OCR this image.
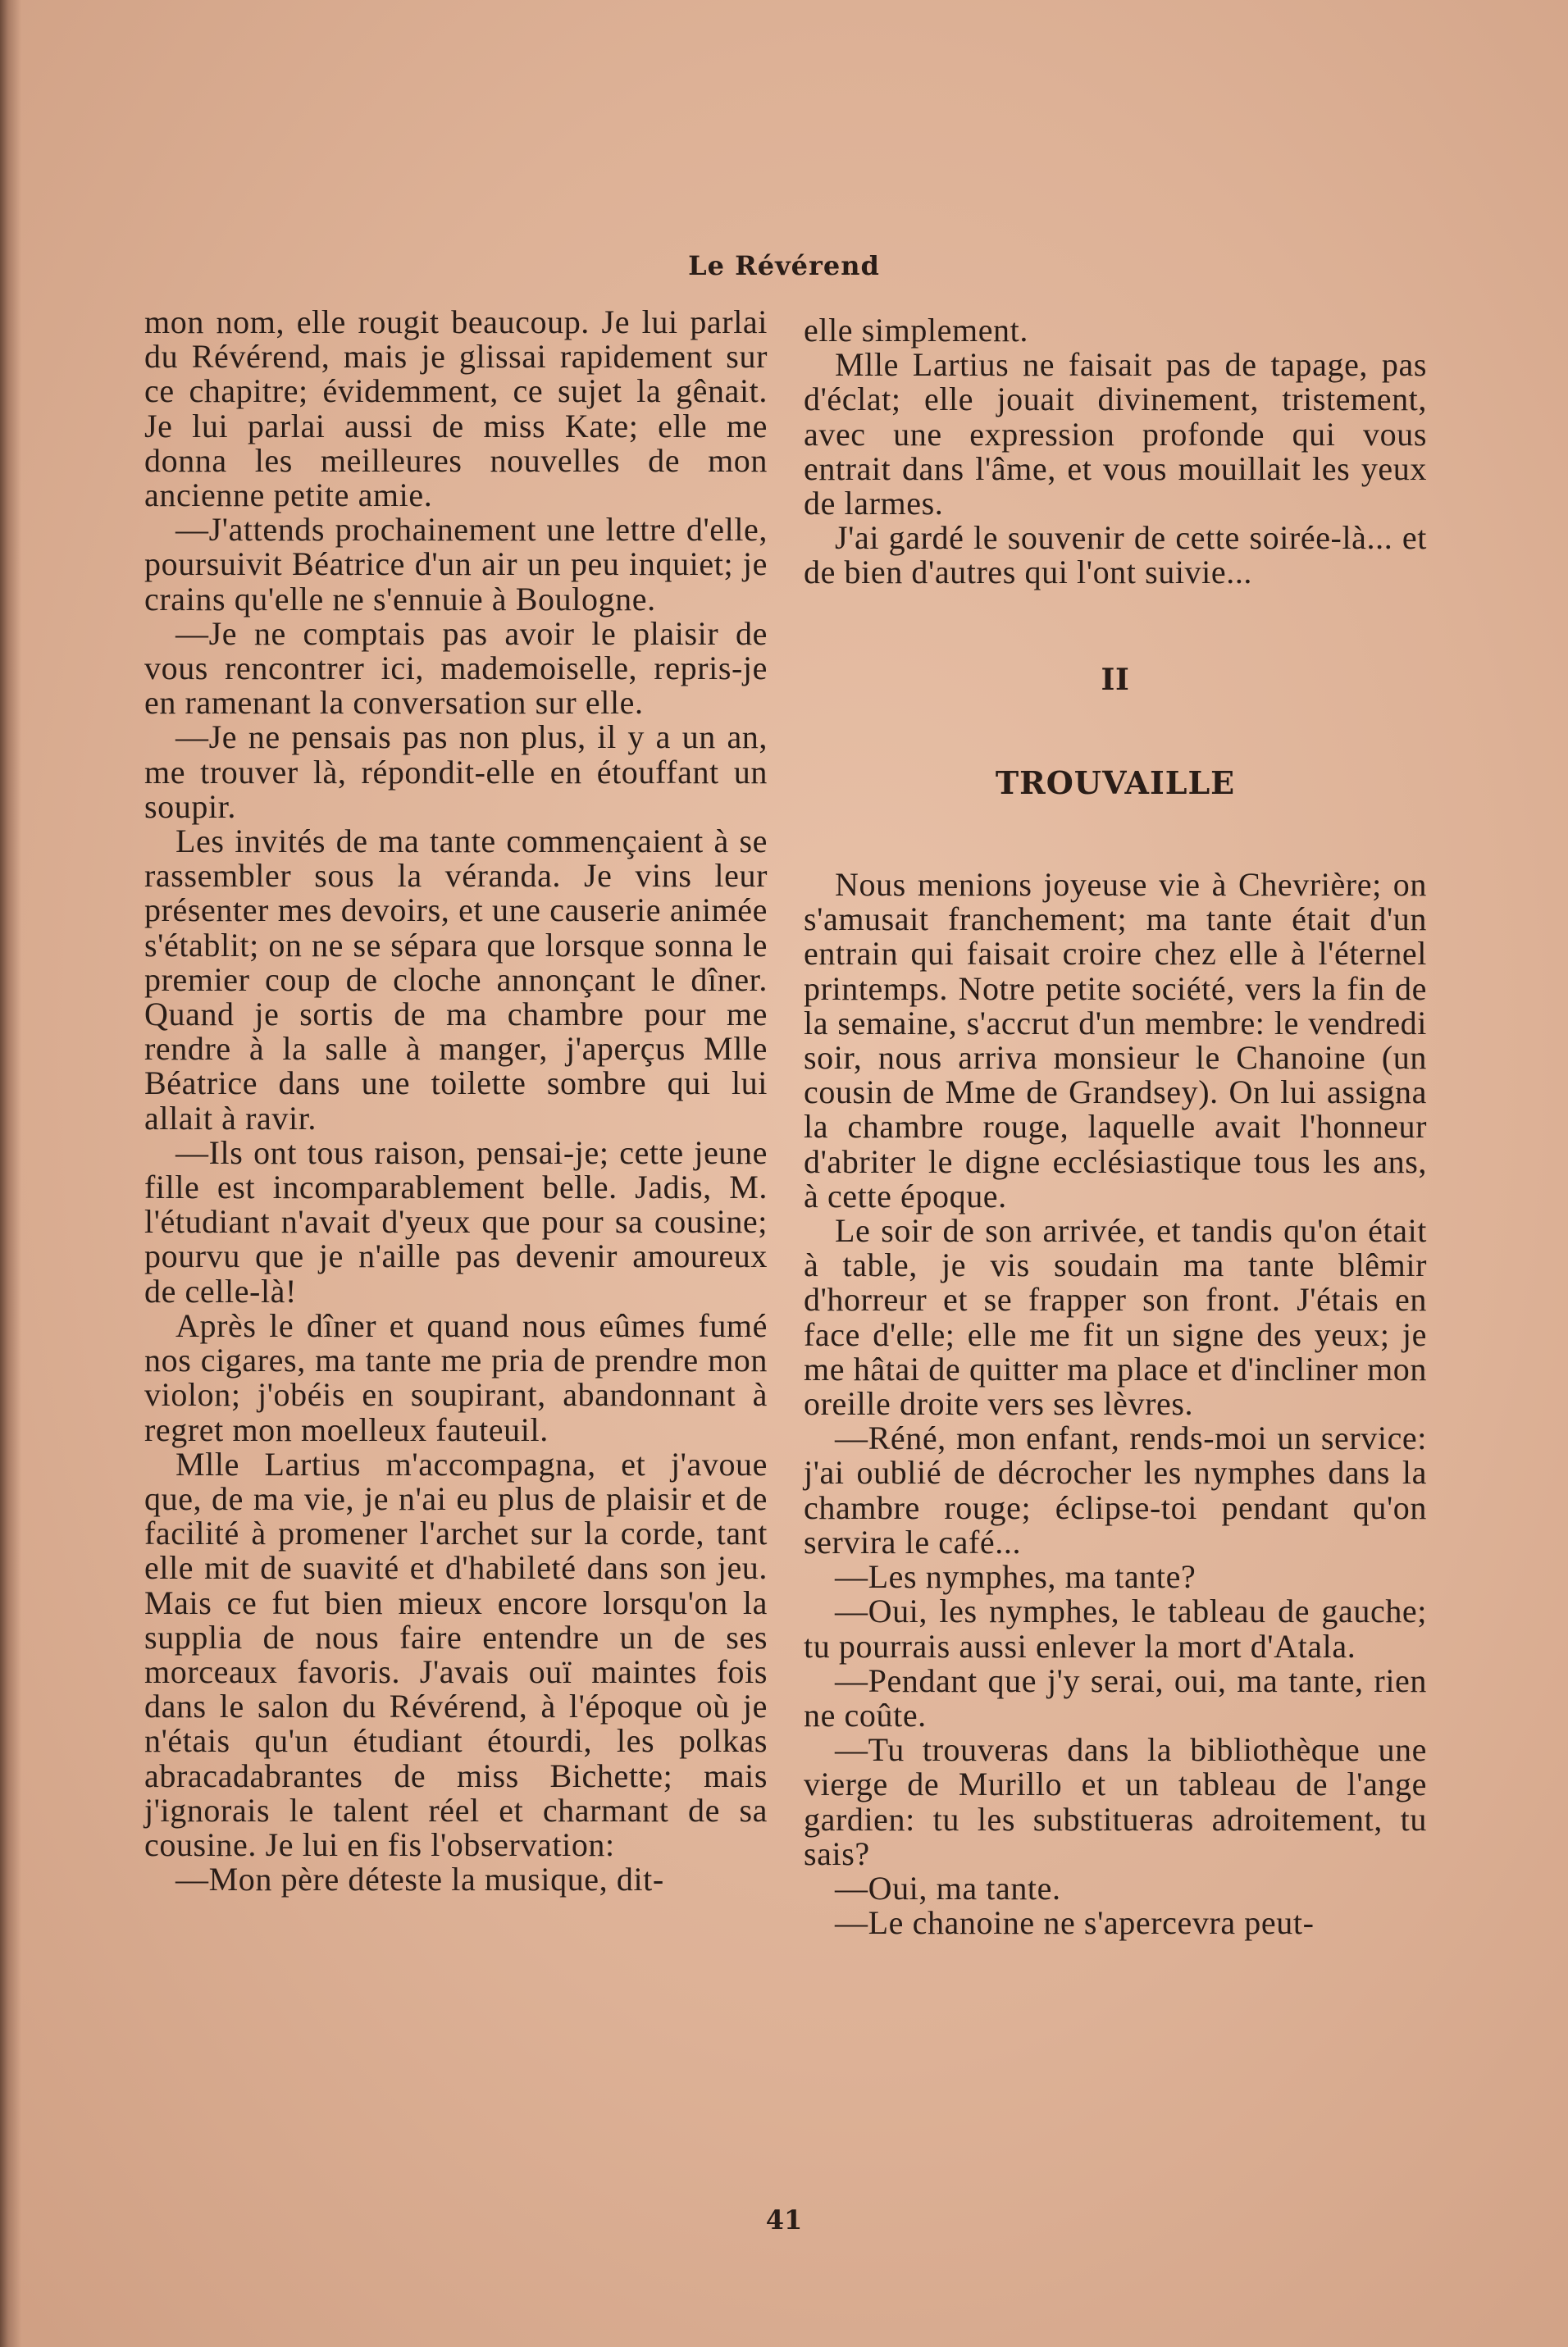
Le Révérend

mon nom, elle rougit beaucoup. Je lui parlai du Révérend, mais je glissai rapidement sur ce chapitre; évidemment, ce sujet la gênait. Je lui parlai aussi de miss Kate; elle me donna les meilleures nouvelles de mon ancienne petite amie.

—J'attends prochainement une lettre d'elle, poursuivit Béatrice d'un air un peu inquiet; je crains qu'elle ne s'ennuie à Boulogne.

—Je ne comptais pas avoir le plaisir de vous rencontrer ici, mademoiselle, repris-je en ramenant la conversation sur elle.

—Je ne pensais pas non plus, il y a un an, me trouver là, répondit-elle en étouffant un soupir.

Les invités de ma tante commençaient à se rassembler sous la véranda. Je vins leur présenter mes devoirs, et une causerie animée s'établit; on ne se sépara que lorsque sonna le premier coup de cloche annonçant le dîner. Quand je sortis de ma chambre pour me rendre à la salle à manger, j'aperçus Mlle Béatrice dans une toilette sombre qui lui allait à ravir.

—Ils ont tous raison, pensai-je; cette jeune fille est incomparablement belle. Jadis, M. l'étudiant n'avait d'yeux que pour sa cousine; pourvu que je n'aille pas devenir amoureux de celle-là!

Après le dîner et quand nous eûmes fumé nos cigares, ma tante me pria de prendre mon violon; j'obéis en soupirant, abandonnant à regret mon moelleux fauteuil.

Mlle Lartius m'accompagna, et j'avoue que, de ma vie, je n'ai eu plus de plaisir et de facilité à promener l'archet sur la corde, tant elle mit de suavité et d'habileté dans son jeu. Mais ce fut bien mieux encore lorsqu'on la supplia de nous faire entendre un de ses morceaux favoris. J'avais ouï maintes fois dans le salon du Révérend, à l'époque où je n'étais qu'un étudiant étourdi, les polkas abracadabrantes de miss Bichette; mais j'ignorais le talent réel et charmant de sa cousine. Je lui en fis l'observation:

—Mon père déteste la musique, dit-

elle simplement.

Mlle Lartius ne faisait pas de tapage, pas d'éclat; elle jouait divinement, tristement, avec une expression profonde qui vous entrait dans l'âme, et vous mouillait les yeux de larmes.

J'ai gardé le souvenir de cette soirée-là... et de bien d'autres qui l'ont suivie...

II
TROUVAILLE

Nous menions joyeuse vie à Chevrière; on s'amusait franchement; ma tante était d'un entrain qui faisait croire chez elle à l'éternel printemps. Notre petite société, vers la fin de la semaine, s'accrut d'un membre: le vendredi soir, nous arriva monsieur le Chanoine (un cousin de Mme de Grandsey). On lui assigna la chambre rouge, laquelle avait l'honneur d'abriter le digne ecclésiastique tous les ans, à cette époque.

Le soir de son arrivée, et tandis qu'on était à table, je vis soudain ma tante blêmir d'horreur et se frapper son front. J'étais en face d'elle; elle me fit un signe des yeux; je me hâtai de quitter ma place et d'incliner mon oreille droite vers ses lèvres.

—Réné, mon enfant, rends-moi un service: j'ai oublié de décrocher les nymphes dans la chambre rouge; éclipse-toi pendant qu'on servira le café...

—Les nymphes, ma tante?

—Oui, les nymphes, le tableau de gauche; tu pourrais aussi enlever la mort d'Atala.

—Pendant que j'y serai, oui, ma tante, rien ne coûte.

—Tu trouveras dans la bibliothèque une vierge de Murillo et un tableau de l'ange gardien: tu les substitueras adroitement, tu sais?

—Oui, ma tante.

—Le chanoine ne s'apercevra peut-

41
